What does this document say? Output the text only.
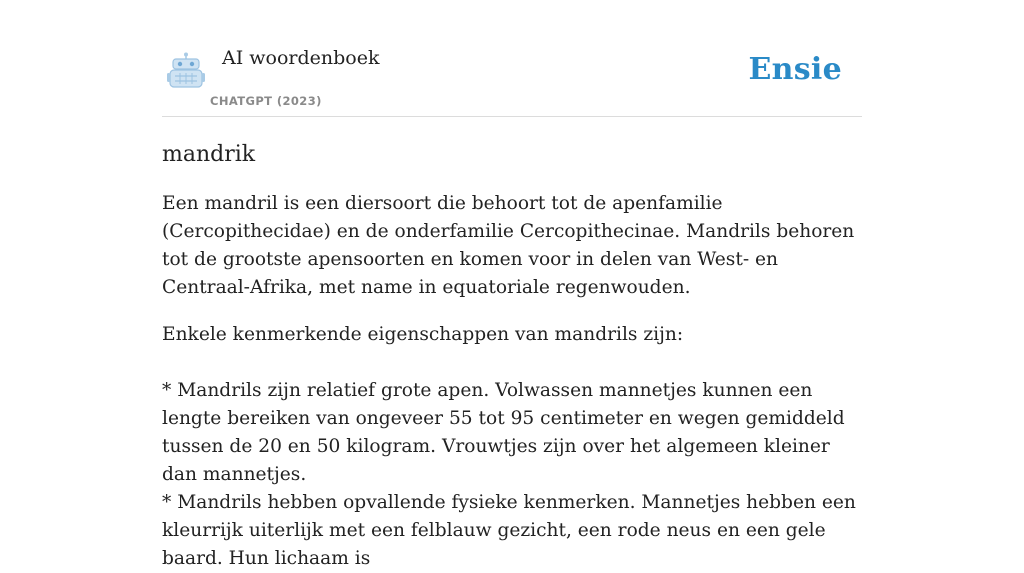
AI woordenboek
CHATGPT (2023)
Ensie
mandrik

Een mandril is een diersoort die behoort tot de apenfamilie (Cercopithecidae) en de onderfamilie Cercopithecinae. Mandrils behoren tot de grootste apensoorten en komen voor in delen van West- en Centraal-Afrika, met name in equatoriale regenwouden.

Enkele kenmerkende eigenschappen van mandrils zijn:

* Mandrils zijn relatief grote apen. Volwassen mannetjes kunnen een lengte bereiken van ongeveer 55 tot 95 centimeter en wegen gemiddeld tussen de 20 en 50 kilogram. Vrouwtjes zijn over het algemeen kleiner dan mannetjes.

* Mandrils hebben opvallende fysieke kenmerken. Mannetjes hebben een kleurrijk uiterlijk met een felblauw gezicht, een rode neus en een gele baard. Hun lichaam is
